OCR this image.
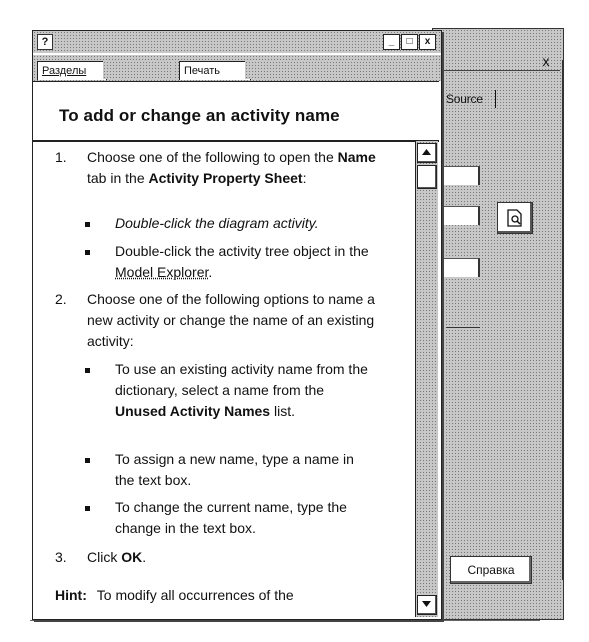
x
Source
Справка
?	_	□	x
Разделы	Печать
To add or change an activity name
1. Choose one of the following to open the Name tab in the Activity Property Sheet:
Double-click the diagram activity.
Double-click the activity tree object in the Model Explorer.
2. Choose one of the following options to name a new activity or change the name of an existing activity:
To use an existing activity name from the dictionary, select a name from the Unused Activity Names list.
To assign a new name, type a name in the text box.
To change the current name, type the change in the text box.
3. Click OK.
Hint: To modify all occurrences of the
